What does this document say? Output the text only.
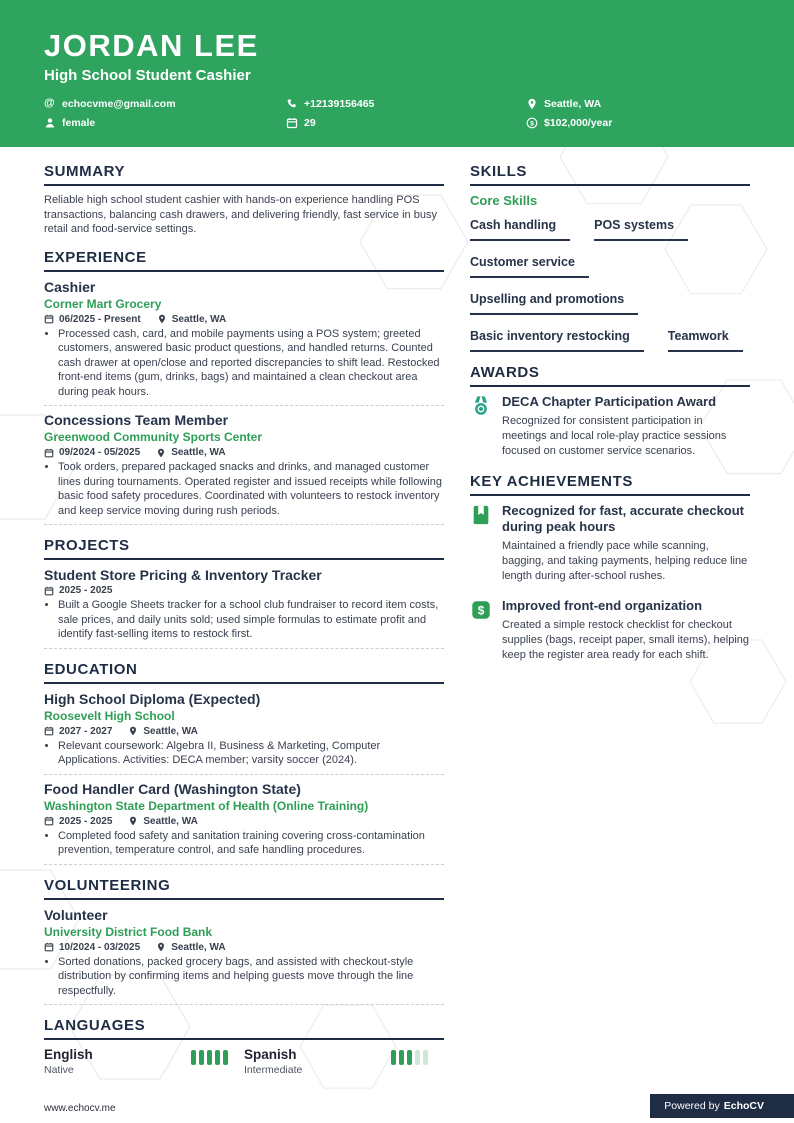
JORDAN LEE
High School Student Cashier
@ echocvme@gmail.com	+12139156465	Seattle, WA
female	29	$ $102,000/year
SUMMARY

Reliable high school student cashier with hands-on experience handling POS transactions, balancing cash drawers, and delivering friendly, fast service in busy retail and food-service settings.

EXPERIENCE
Cashier
Corner Mart Grocery
06/2025 - Present	Seattle, WA
• Processed cash, card, and mobile payments using a POS system; greeted customers, answered basic product questions, and handled returns. Counted cash drawer at open/close and reported discrepancies to shift lead. Restocked front-end items (gum, drinks, bags) and maintained a clean checkout area during peak hours.
Concessions Team Member
Greenwood Community Sports Center
09/2024 - 05/2025	Seattle, WA
• Took orders, prepared packaged snacks and drinks, and managed customer lines during tournaments. Operated register and issued receipts while following basic food safety procedures. Coordinated with volunteers to restock inventory and keep service moving during rush periods.
PROJECTS
Student Store Pricing & Inventory Tracker
2025 - 2025
• Built a Google Sheets tracker for a school club fundraiser to record item costs, sale prices, and daily units sold; used simple formulas to estimate profit and identify fast-selling items to restock first.
EDUCATION
High School Diploma (Expected)
Roosevelt High School
2027 - 2027	Seattle, WA
• Relevant coursework: Algebra II, Business & Marketing, Computer Applications. Activities: DECA member; varsity soccer (2024).
Food Handler Card (Washington State)
Washington State Department of Health (Online Training)
2025 - 2025	Seattle, WA
• Completed food safety and sanitation training covering cross-contamination prevention, temperature control, and safe handling procedures.
VOLUNTEERING
Volunteer
University District Food Bank
10/2024 - 03/2025	Seattle, WA
• Sorted donations, packed grocery bags, and assisted with checkout-style distribution by confirming items and helping guests move through the line respectfully.
LANGUAGES
English
Native
Spanish
Intermediate
SKILLS
Core Skills
Cash handling	POS systems
Customer service
Upselling and promotions
Basic inventory restocking	Teamwork
AWARDS

DECA Chapter Participation Award

Recognized for consistent participation in meetings and local role-play practice sessions focused on customer service scenarios.

KEY ACHIEVEMENTS

Recognized for fast, accurate checkout during peak hours

Maintained a friendly pace while scanning, bagging, and taking payments, helping reduce line length during after-school rushes.

$ Improved front-end organization

Created a simple restock checklist for checkout supplies (bags, receipt paper, small items), helping keep the register area ready for each shift.

www.echocv.me	Powered by EchoCV
